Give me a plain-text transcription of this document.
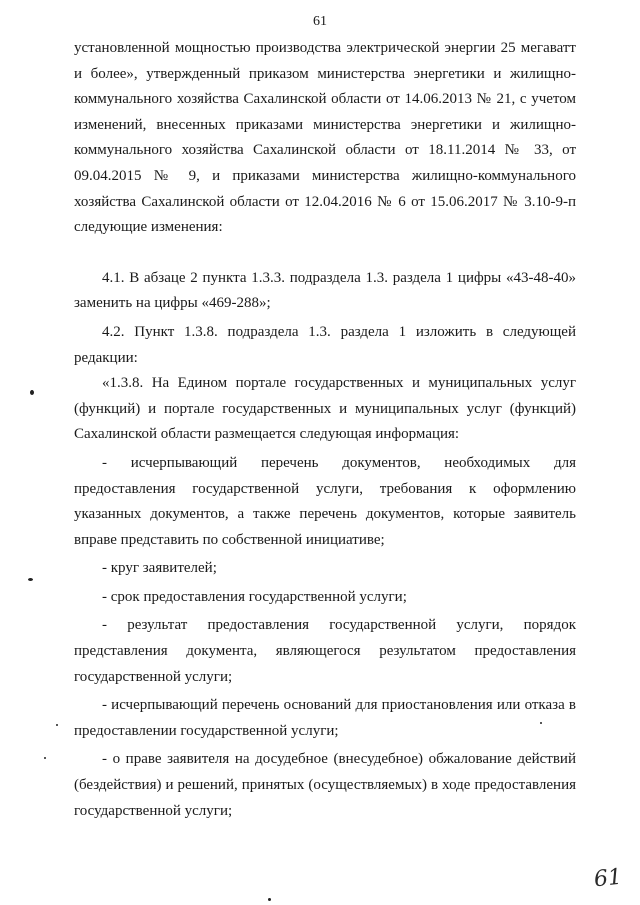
61

установленной мощностью производства электрической энергии 25 мегаватт и более», утвержденный приказом министерства энергетики и жилищно-коммунального хозяйства Сахалинской области от 14.06.2013 № 21, с учетом изменений, внесенных приказами министерства энергетики и жилищно-коммунального хозяйства Сахалинской области от 18.11.2014 № 33, от 09.04.2015 № 9, и приказами министерства жилищно-коммунального хозяйства Сахалинской области от 12.04.2016 № 6 от 15.06.2017 № 3.10-9-п следующие изменения:

4.1. В абзаце 2 пункта 1.3.3. подраздела 1.3. раздела 1 цифры «43-48-40» заменить на цифры «469-288»;

4.2. Пункт 1.3.8. подраздела 1.3. раздела 1 изложить в следующей редакции:

«1.3.8. На Едином портале государственных и муниципальных услуг (функций) и портале государственных и муниципальных услуг (функций) Сахалинской области размещается следующая информация:

- исчерпывающий перечень документов, необходимых для предоставления государственной услуги, требования к оформлению указанных документов, а также перечень документов, которые заявитель вправе представить по собственной инициативе;

- круг заявителей;

- срок предоставления государственной услуги;

- результат предоставления государственной услуги, порядок представления документа, являющегося результатом предоставления государственной услуги;

- исчерпывающий перечень оснований для приостановления или отказа в предоставлении государственной услуги;

- о праве заявителя на досудебное (внесудебное) обжалование действий (бездействия) и решений, принятых (осуществляемых) в ходе предоставления государственной услуги;

61
